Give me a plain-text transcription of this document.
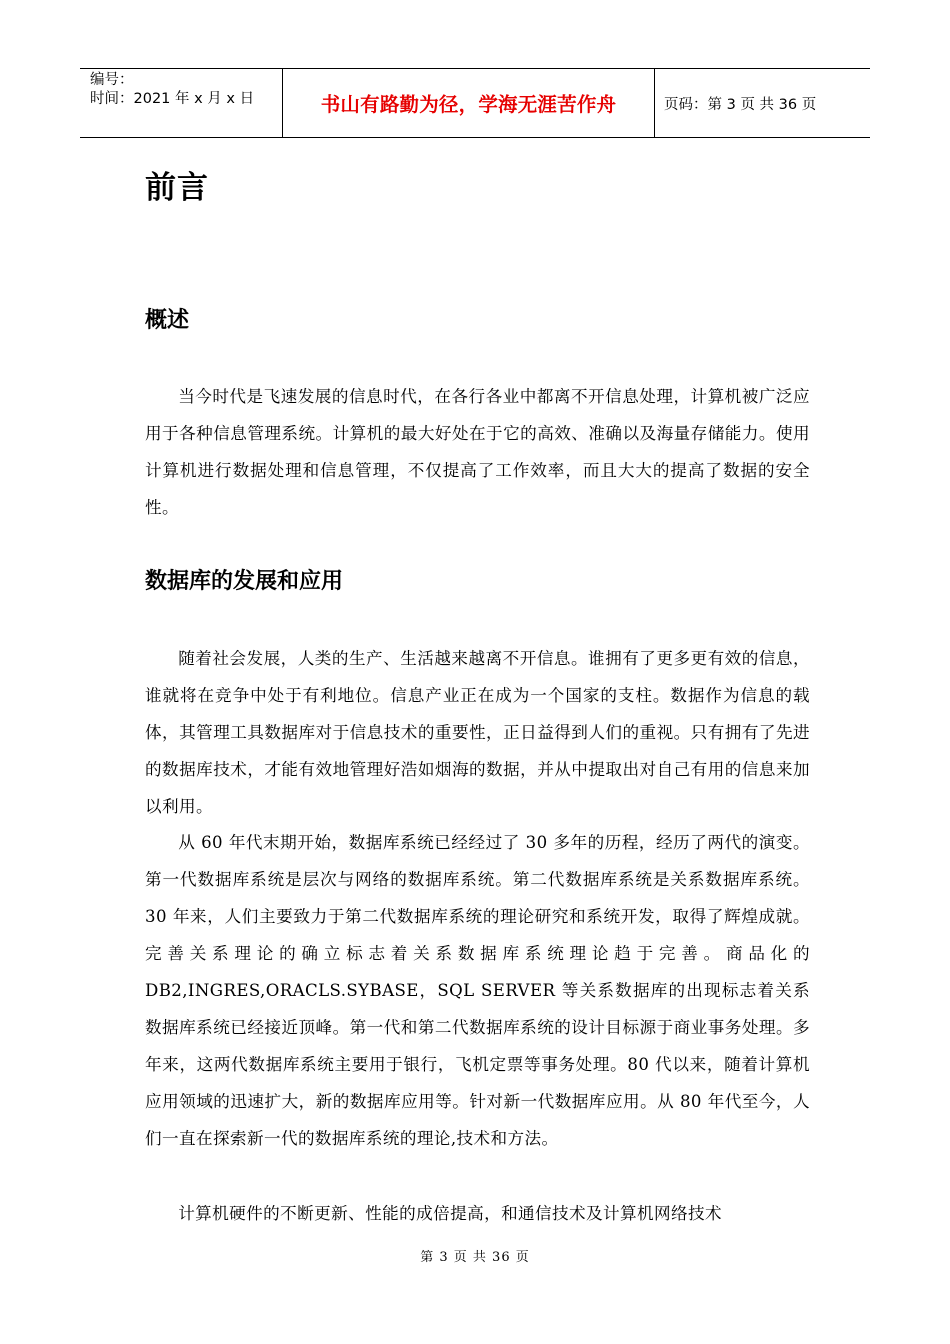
编号：
时间：2021 年 x 月 x 日	书山有路勤为径，学海无涯苦作舟	页码：第 3 页 共 36 页
前言
概述

当今时代是飞速发展的信息时代，在各行各业中都离不开信息处理，计算机被广泛应用于各种信息管理系统。计算机的最大好处在于它的高效、准确以及海量存储能力。使用计算机进行数据处理和信息管理，不仅提高了工作效率，而且大大的提高了数据的安全性。

数据库的发展和应用

随着社会发展，人类的生产、生活越来越离不开信息。谁拥有了更多更有效的信息，谁就将在竞争中处于有利地位。信息产业正在成为一个国家的支柱。数据作为信息的载体，其管理工具数据库对于信息技术的重要性，正日益得到人们的重视。只有拥有了先进的数据库技术，才能有效地管理好浩如烟海的数据，并从中提取出对自己有用的信息来加以利用。

从 60 年代末期开始，数据库系统已经经过了 30 多年的历程，经历了两代的演变。第一代数据库系统是层次与网络的数据库系统。第二代数据库系统是关系数据库系统。30 年来，人们主要致力于第二代数据库系统的理论研究和系统开发，取得了辉煌成就。完善关系理论的确立标志着关系数据库系统理论趋于完善。商品化的 DB2,INGRES,ORACLS.SYBASE，SQL SERVER 等关系数据库的出现标志着关系数据库系统已经接近顶峰。第一代和第二代数据库系统的设计目标源于商业事务处理。多年来，这两代数据库系统主要用于银行，飞机定票等事务处理。80 代以来，随着计算机应用领域的迅速扩大，新的数据库应用等。针对新一代数据库应用。从 80 年代至今，人们一直在探索新一代的数据库系统的理论,技术和方法。

计算机硬件的不断更新、性能的成倍提高，和通信技术及计算机网络技术

第 3 页 共 36 页
